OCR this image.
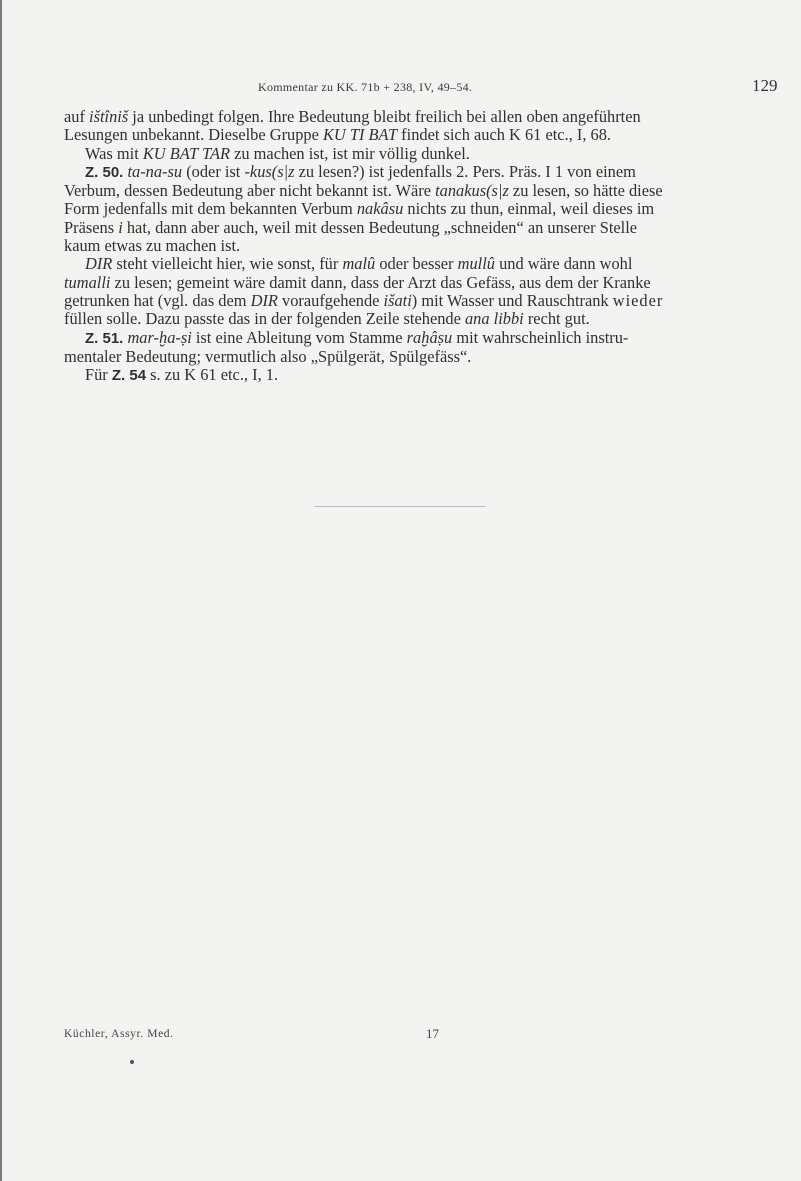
Kommentar zu KK. 71b + 238, IV, 49–54.	129

auf ištîniš ja unbedingt folgen. Ihre Bedeutung bleibt freilich bei allen oben angeführten
Lesungen unbekannt. Dieselbe Gruppe KU TI BAT findet sich auch K 61 etc., I, 68.

Was mit KU BAT TAR zu machen ist, ist mir völlig dunkel.

Z. 50. ta-na-su (oder ist -kus(s|z zu lesen?) ist jedenfalls 2. Pers. Präs. I 1 von einem
Verbum, dessen Bedeutung aber nicht bekannt ist. Wäre tanakus(s|z zu lesen, so hätte diese
Form jedenfalls mit dem bekannten Verbum nakâsu nichts zu thun, einmal, weil dieses im
Präsens i hat, dann aber auch, weil mit dessen Bedeutung „schneiden“ an unserer Stelle
kaum etwas zu machen ist.

DIR steht vielleicht hier, wie sonst, für malû oder besser mullû und wäre dann wohl
tumalli zu lesen; gemeint wäre damit dann, dass der Arzt das Gefäss, aus dem der Kranke
getrunken hat (vgl. das dem DIR voraufgehende išati) mit Wasser und Rauschtrank wieder
füllen solle. Dazu passte das in der folgenden Zeile stehende ana libbi recht gut.

Z. 51. mar-ḫa-ṣi ist eine Ableitung vom Stamme raḫâṣu mit wahrscheinlich instru-
mentaler Bedeutung; vermutlich also „Spülgerät, Spülgefäss“.

Für Z. 54 s. zu K 61 etc., I, 1.

Küchler, Assyr. Med.	17
